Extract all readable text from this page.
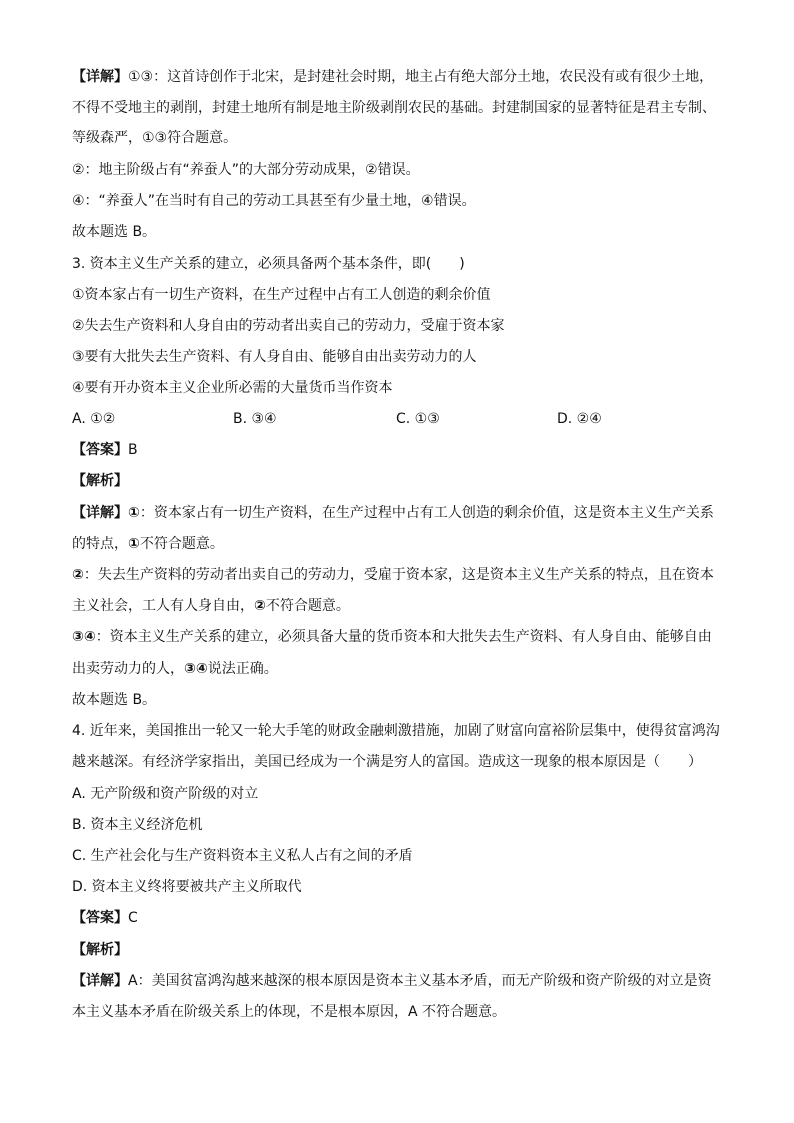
【详解】①③：这首诗创作于北宋，是封建社会时期，地主占有绝大部分土地，农民没有或有很少土地，
不得不受地主的剥削，封建土地所有制是地主阶级剥削农民的基础。封建制国家的显著特征是君主专制、
等级森严，①③符合题意。
②：地主阶级占有“养蚕人”的大部分劳动成果，②错误。
④：“养蚕人”在当时有自己的劳动工具甚至有少量土地，④错误。
故本题选 B。
3. 资本主义生产关系的建立，必须具备两个基本条件，即(　　)
①资本家占有一切生产资料，在生产过程中占有工人创造的剩余价值
②失去生产资料和人身自由的劳动者出卖自己的劳动力，受雇于资本家
③要有大批失去生产资料、有人身自由、能够自由出卖劳动力的人
④要有开办资本主义企业所必需的大量货币当作资本
A. ①②	B. ③④	C. ①③	D. ②④
【答案】B
【解析】
【详解】①：资本家占有一切生产资料，在生产过程中占有工人创造的剩余价值，这是资本主义生产关系
的特点，①不符合题意。
②：失去生产资料的劳动者出卖自己的劳动力，受雇于资本家，这是资本主义生产关系的特点，且在资本
主义社会，工人有人身自由，②不符合题意。
③④：资本主义生产关系的建立，必须具备大量的货币资本和大批失去生产资料、有人身自由、能够自由
出卖劳动力的人，③④说法正确。
故本题选 B。
4. 近年来，美国推出一轮又一轮大手笔的财政金融刺激措施，加剧了财富向富裕阶层集中，使得贫富鸿沟
越来越深。有经济学家指出，美国已经成为一个满是穷人的富国。造成这一现象的根本原因是（　　）
A. 无产阶级和资产阶级的对立
B. 资本主义经济危机
C. 生产社会化与生产资料资本主义私人占有之间的矛盾
D. 资本主义终将要被共产主义所取代
【答案】C
【解析】
【详解】A：美国贫富鸿沟越来越深的根本原因是资本主义基本矛盾，而无产阶级和资产阶级的对立是资
本主义基本矛盾在阶级关系上的体现，不是根本原因，A 不符合题意。
